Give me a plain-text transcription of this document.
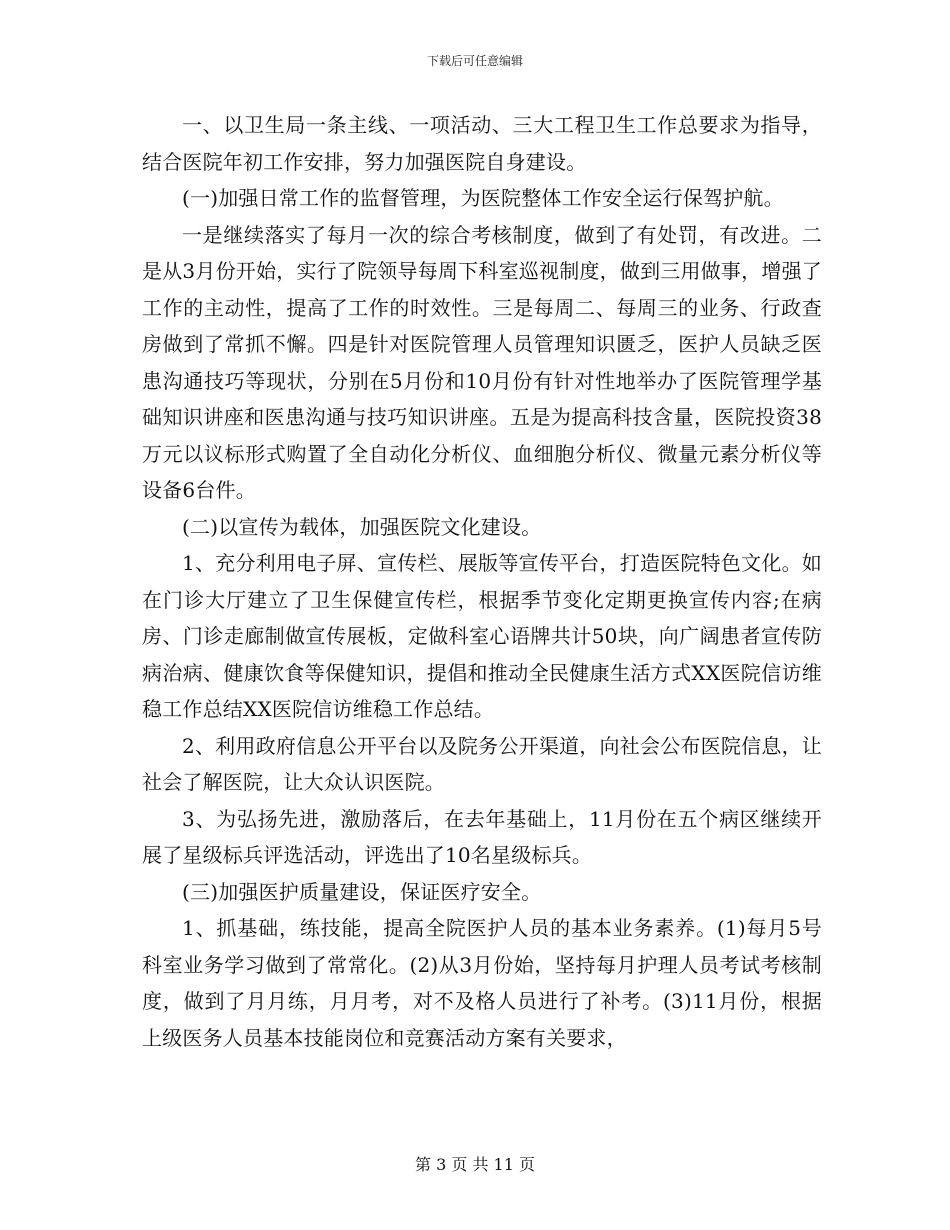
下载后可任意编辑

一、以卫生局一条主线、一项活动、三大工程卫生工作总要求为指导，结合医院年初工作安排，努力加强医院自身建设。

(一)加强日常工作的监督管理，为医院整体工作安全运行保驾护航。

一是继续落实了每月一次的综合考核制度，做到了有处罚，有改进。二是从3月份开始，实行了院领导每周下科室巡视制度，做到三用做事，增强了工作的主动性，提高了工作的时效性。三是每周二、每周三的业务、行政查房做到了常抓不懈。四是针对医院管理人员管理知识匮乏，医护人员缺乏医患沟通技巧等现状，分别在5月份和10月份有针对性地举办了医院管理学基础知识讲座和医患沟通与技巧知识讲座。五是为提高科技含量，医院投资38万元以议标形式购置了全自动化分析仪、血细胞分析仪、微量元素分析仪等设备6台件。

(二)以宣传为载体，加强医院文化建设。

1、充分利用电子屏、宣传栏、展版等宣传平台，打造医院特色文化。如在门诊大厅建立了卫生保健宣传栏，根据季节变化定期更换宣传内容;在病房、门诊走廊制做宣传展板，定做科室心语牌共计50块，向广阔患者宣传防病治病、健康饮食等保健知识，提倡和推动全民健康生活方式XX医院信访维稳工作总结XX医院信访维稳工作总结。

2、利用政府信息公开平台以及院务公开渠道，向社会公布医院信息，让社会了解医院，让大众认识医院。

3、为弘扬先进，激励落后，在去年基础上，11月份在五个病区继续开展了星级标兵评选活动，评选出了10名星级标兵。

(三)加强医护质量建设，保证医疗安全。

1、抓基础，练技能，提高全院医护人员的基本业务素养。(1)每月5号科室业务学习做到了常常化。(2)从3月份始，坚持每月护理人员考试考核制度，做到了月月练，月月考，对不及格人员进行了补考。(3)11月份，根据上级医务人员基本技能岗位和竞赛活动方案有关要求，

第 3 页 共 11 页
